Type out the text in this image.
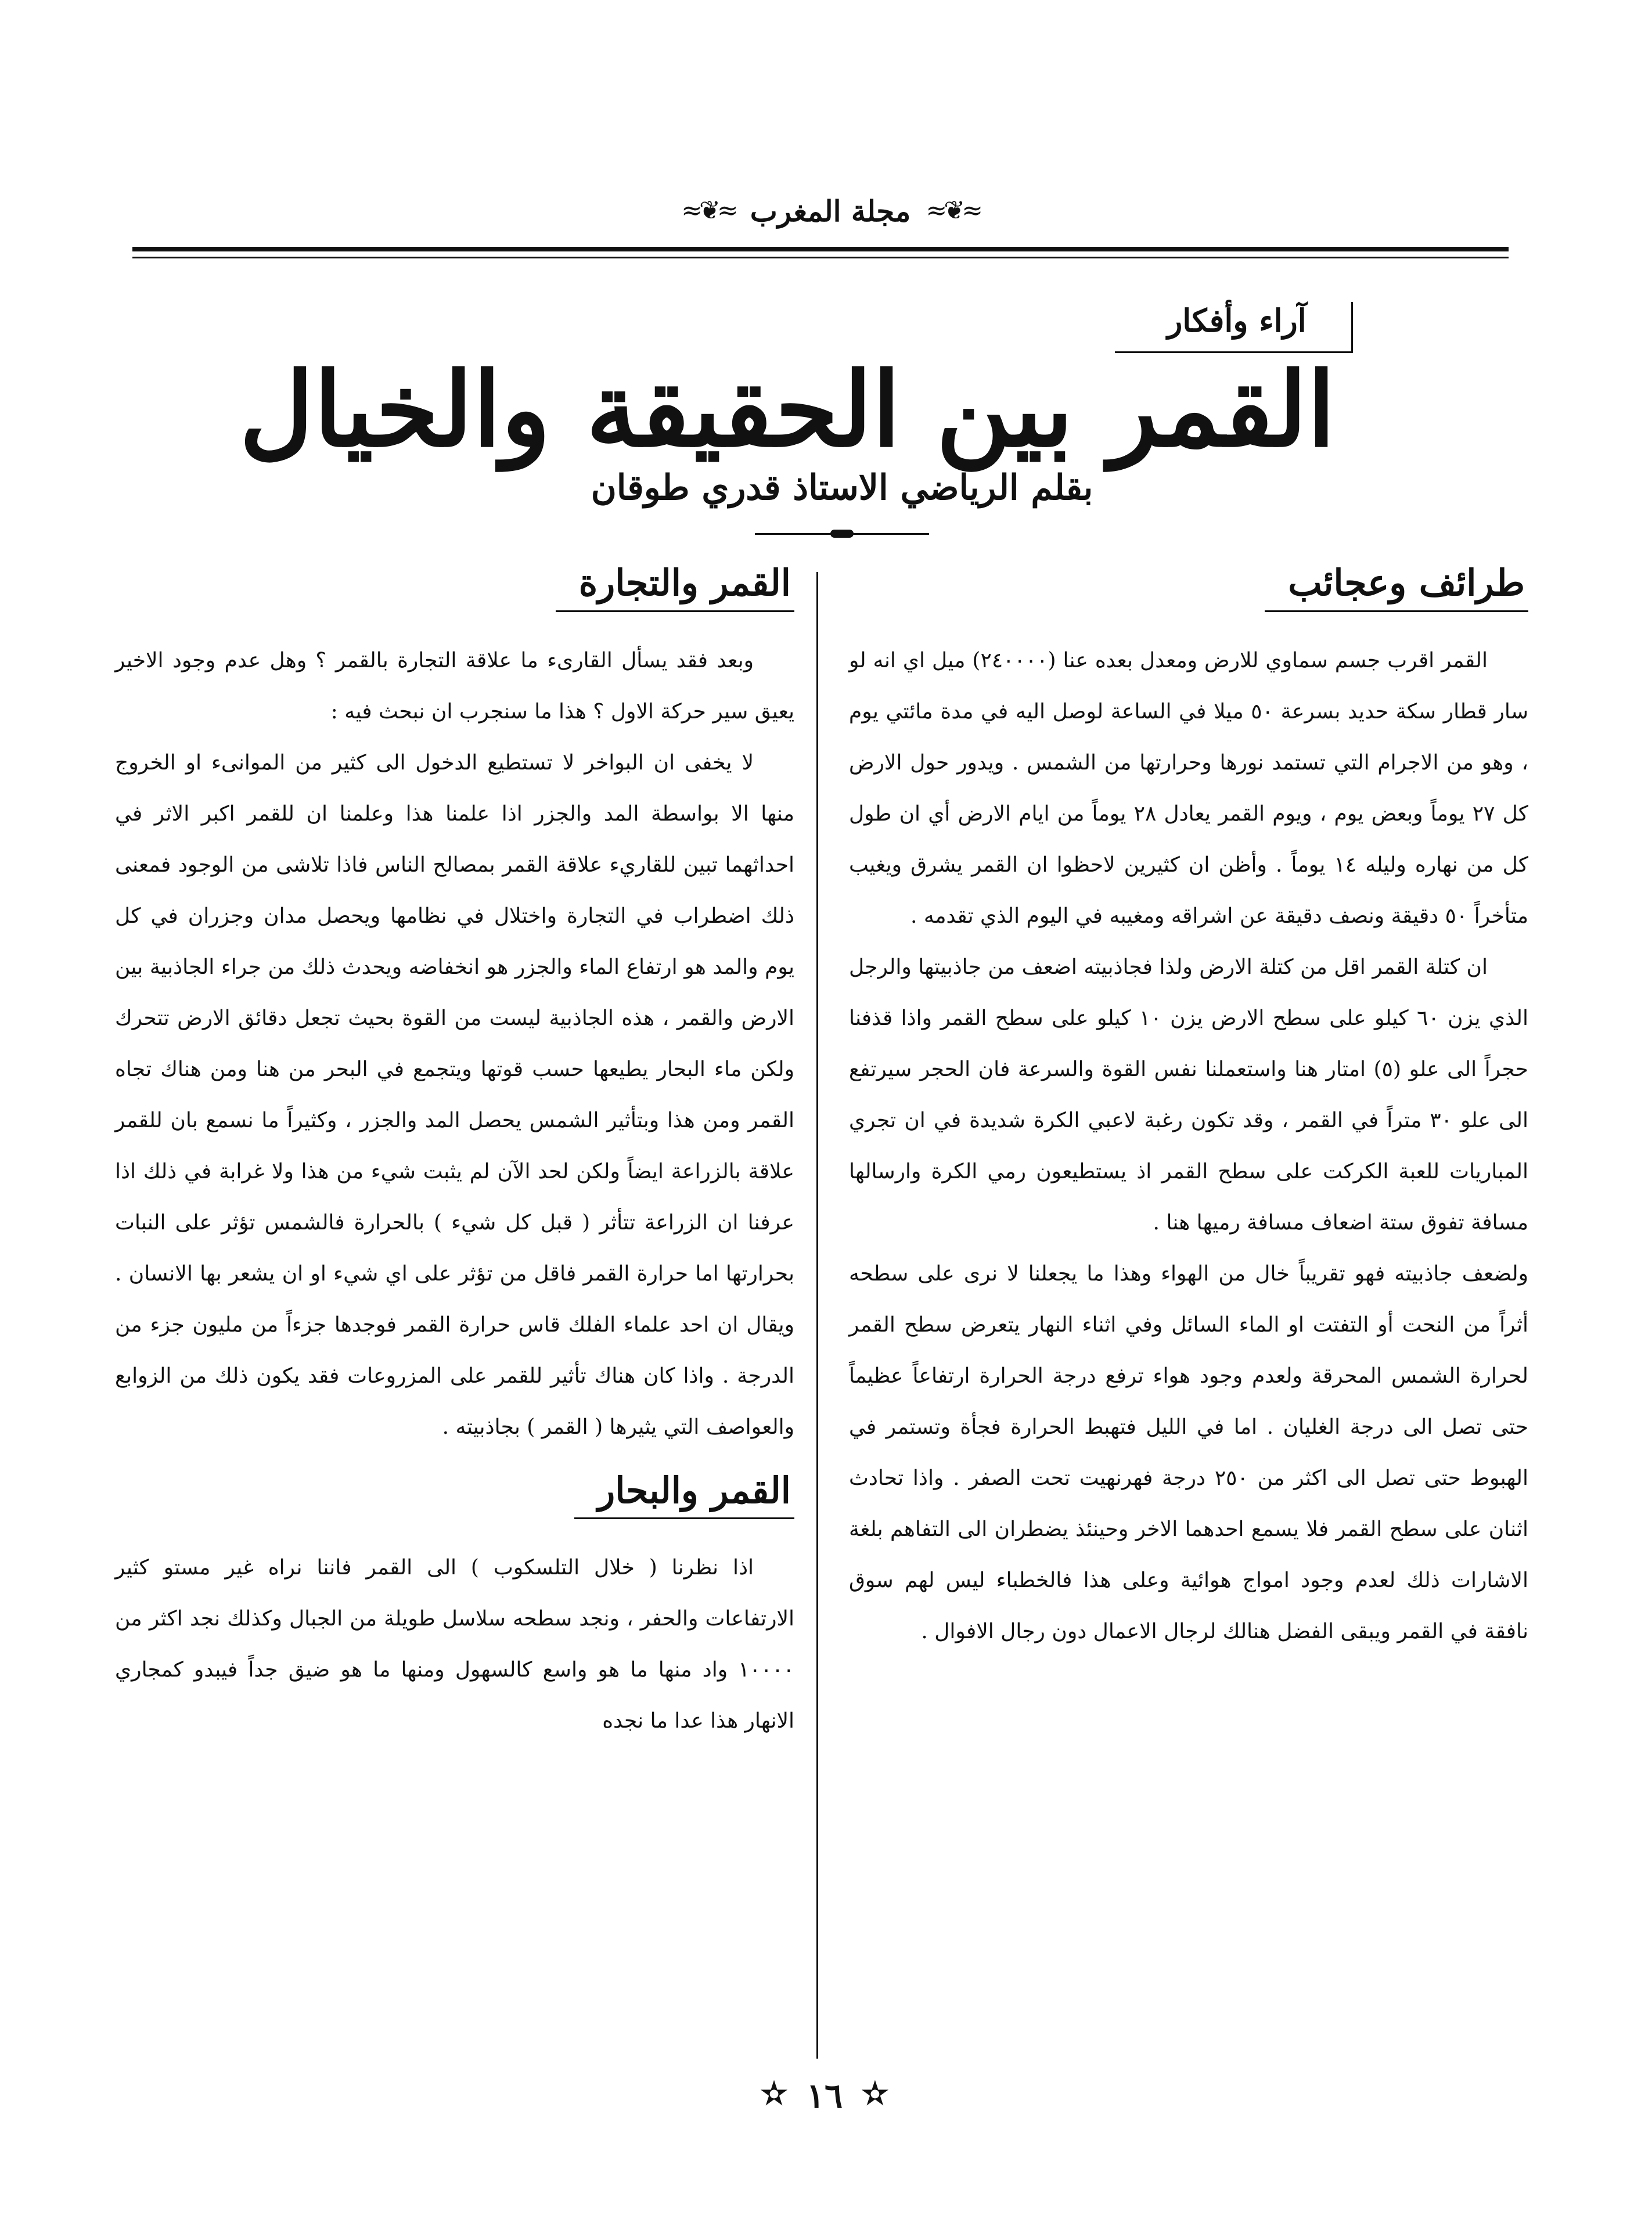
≈❦≈
مجلة المغرب
≈❦≈
آراء وأفكار
القمر بين الحقيقة والخيال
بقلم الرياضي الاستاذ قدري طوقان
طرائف وعجائب

القمر اقرب جسم سماوي للارض ومعدل بعده عنا (٢٤٠٠٠٠) ميل اي انه لو سار قطار سكة حديد بسرعة ٥٠ ميلا في الساعة لوصل اليه في مدة مائتي يوم ، وهو من الاجرام التي تستمد نورها وحرارتها من الشمس . ويدور حول الارض كل ٢٧ يوماً وبعض يوم ، ويوم القمر يعادل ٢٨ يوماً من ايام الارض أي ان طول كل من نهاره وليله ١٤ يوماً . وأظن ان كثيرين لاحظوا ان القمر يشرق ويغيب متأخراً ٥٠ دقيقة ونصف دقيقة عن اشراقه ومغيبه في اليوم الذي تقدمه .

ان كتلة القمر اقل من كتلة الارض ولذا فجاذبيته اضعف من جاذبيتها والرجل الذي يزن ٦٠ كيلو على سطح الارض يزن ١٠ كيلو على سطح القمر واذا قذفنا حجراً الى علو (٥) امتار هنا واستعملنا نفس القوة والسرعة فان الحجر سيرتفع الى علو ٣٠ متراً في القمر ، وقد تكون رغبة لاعبي الكرة شديدة في ان تجري المباريات للعبة الكركت على سطح القمر اذ يستطيعون رمي الكرة وارسالها مسافة تفوق ستة اضعاف مسافة رميها هنا .

ولضعف جاذبيته فهو تقريباً خال من الهواء وهذا ما يجعلنا لا نرى على سطحه أثراً من النحت أو التفتت او الماء السائل وفي اثناء النهار يتعرض سطح القمر لحرارة الشمس المحرقة ولعدم وجود هواء ترفع درجة الحرارة ارتفاعاً عظيماً حتى تصل الى درجة الغليان . اما في الليل فتهبط الحرارة فجأة وتستمر في الهبوط حتى تصل الى اكثر من ٢٥٠ درجة فهرنهيت تحت الصفر . واذا تحادث اثنان على سطح القمر فلا يسمع احدهما الاخر وحينئذ يضطران الى التفاهم بلغة الاشارات ذلك لعدم وجود امواج هوائية وعلى هذا فالخطباء ليس لهم سوق نافقة في القمر ويبقى الفضل هنالك لرجال الاعمال دون رجال الافوال .

القمر والتجارة

وبعد فقد يسأل القارىء ما علاقة التجارة بالقمر ؟ وهل عدم وجود الاخير يعيق سير حركة الاول ؟ هذا ما سنجرب ان نبحث فيه :

لا يخفى ان البواخر لا تستطيع الدخول الى كثير من الموانىء او الخروج منها الا بواسطة المد والجزر اذا علمنا هذا وعلمنا ان للقمر اكبر الاثر في احداثهما تبين للقاريء علاقة القمر بمصالح الناس فاذا تلاشى من الوجود فمعنى ذلك اضطراب في التجارة واختلال في نظامها ويحصل مدان وجزران في كل يوم والمد هو ارتفاع الماء والجزر هو انخفاضه ويحدث ذلك من جراء الجاذبية بين الارض والقمر ، هذه الجاذبية ليست من القوة بحيث تجعل دقائق الارض تتحرك ولكن ماء البحار يطيعها حسب قوتها ويتجمع في البحر من هنا ومن هناك تجاه القمر ومن هذا وبتأثير الشمس يحصل المد والجزر ، وكثيراً ما نسمع بان للقمر علاقة بالزراعة ايضاً ولكن لحد الآن لم يثبت شيء من هذا ولا غرابة في ذلك اذا عرفنا ان الزراعة تتأثر ( قبل كل شيء ) بالحرارة فالشمس تؤثر على النبات بحرارتها اما حرارة القمر فاقل من تؤثر على اي شيء او ان يشعر بها الانسان . ويقال ان احد علماء الفلك قاس حرارة القمر فوجدها جزءاً من مليون جزء من الدرجة . واذا كان هناك تأثير للقمر على المزروعات فقد يكون ذلك من الزوابع والعواصف التي يثيرها ( القمر ) بجاذبيته .

القمر والبحار

اذا نظرنا ( خلال التلسكوب ) الى القمر فاننا نراه غير مستو كثير الارتفاعات والحفر ، ونجد سطحه سلاسل طويلة من الجبال وكذلك نجد اكثر من ١٠٠٠٠ واد منها ما هو واسع كالسهول ومنها ما هو ضيق جداً فيبدو كمجاري الانهار هذا عدا ما نجده

✫
١٦
✫
